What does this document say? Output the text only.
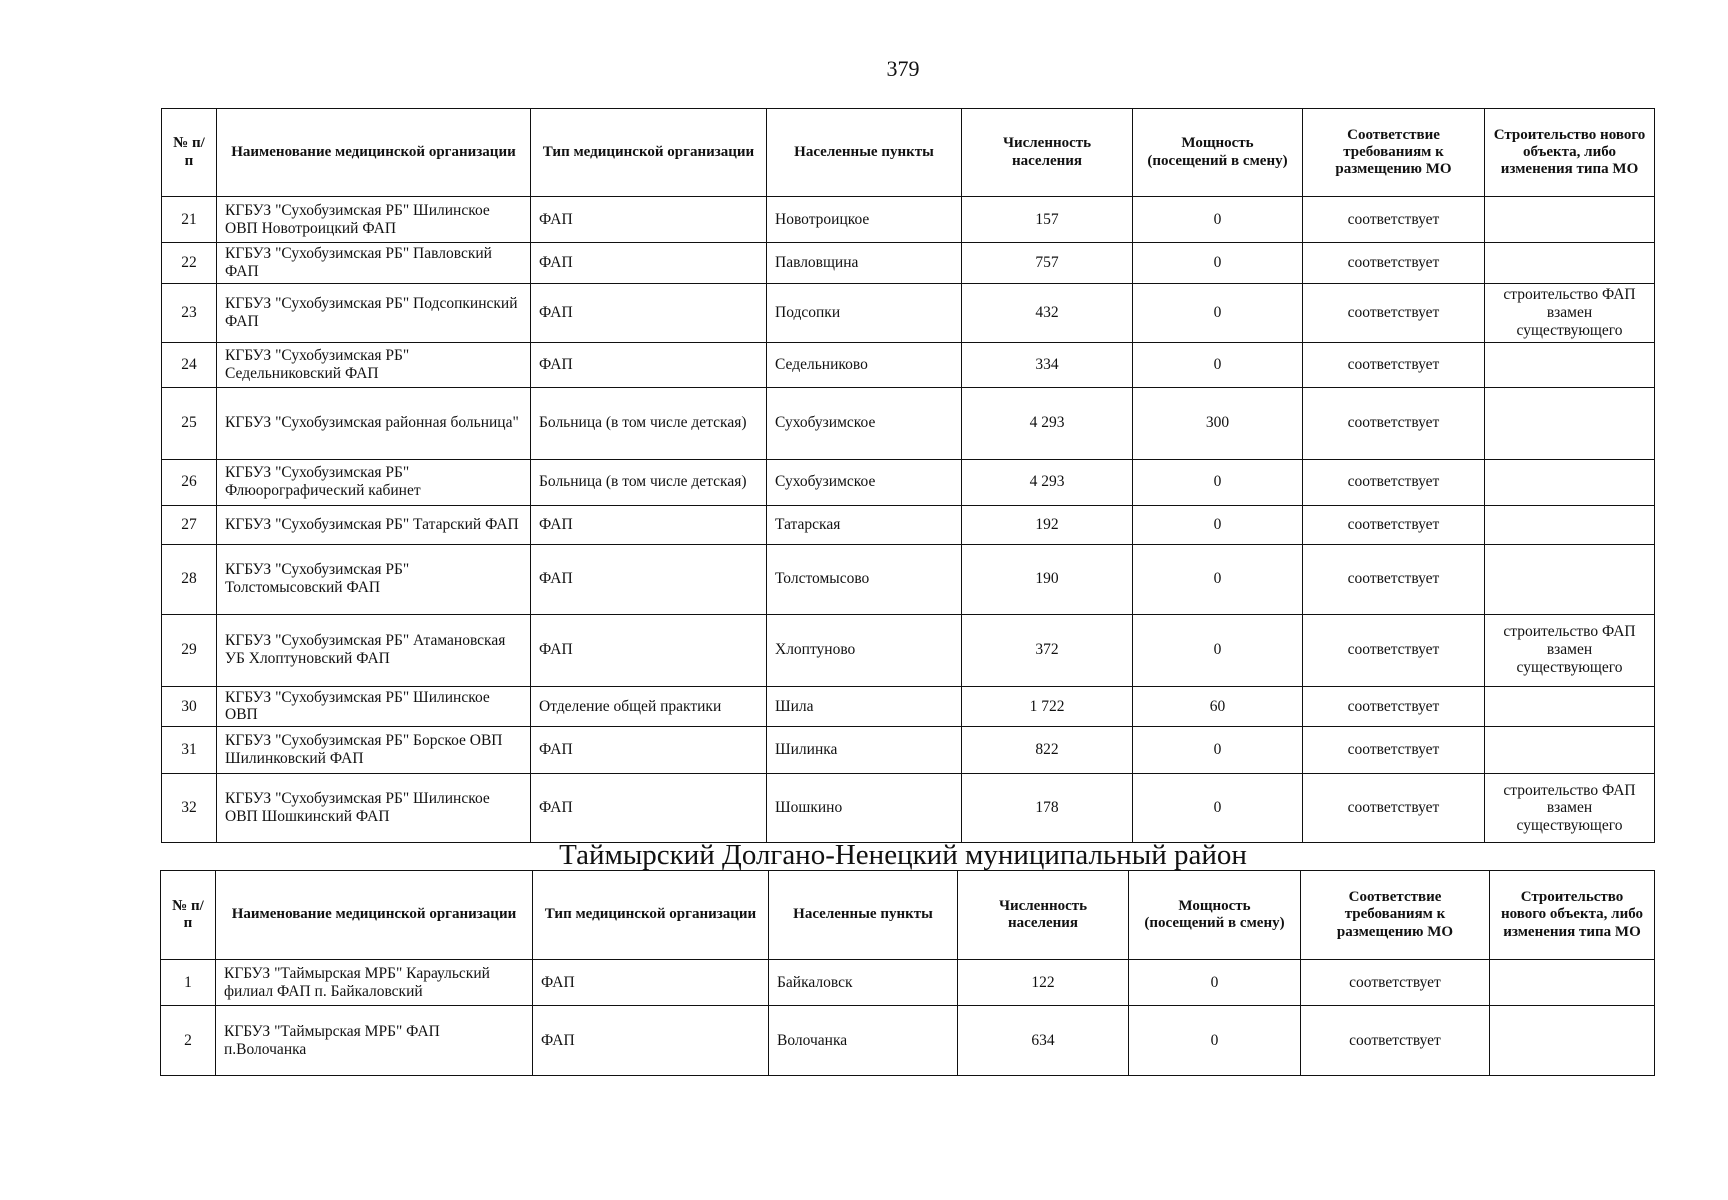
379
№ п/п	Наименование медицинской организации	Тип медицинской организации	Населенные пункты	Численность населения	Мощность (посещений в смену)	Соответствие требованиям к размещению МО	Строительство нового объекта, либо изменения типа МО
21	КГБУЗ "Сухобузимская РБ" Шилинское ОВП Новотроицкий ФАП	ФАП	Новотроицкое	157	0	соответствует	
22	КГБУЗ "Сухобузимская РБ" Павловский ФАП	ФАП	Павловщина	757	0	соответствует	
23	КГБУЗ "Сухобузимская РБ" Подсопкинский ФАП	ФАП	Подсопки	432	0	соответствует	строительство ФАП взамен существующего
24	КГБУЗ "Сухобузимская РБ" Седельниковский ФАП	ФАП	Седельниково	334	0	соответствует	
25	КГБУЗ "Сухобузимская районная больница"	Больница (в том числе детская)	Сухобузимское	4 293	300	соответствует	
26	КГБУЗ "Сухобузимская РБ" Флюорографический кабинет	Больница (в том числе детская)	Сухобузимское	4 293	0	соответствует	
27	КГБУЗ "Сухобузимская РБ" Татарский ФАП	ФАП	Татарская	192	0	соответствует	
28	КГБУЗ "Сухобузимская РБ" Толстомысовский ФАП	ФАП	Толстомысово	190	0	соответствует	
29	КГБУЗ "Сухобузимская РБ" Атамановская УБ Хлоптуновский ФАП	ФАП	Хлоптуново	372	0	соответствует	строительство ФАП взамен существующего
30	КГБУЗ "Сухобузимская РБ" Шилинское ОВП	Отделение общей практики	Шила	1 722	60	соответствует	
31	КГБУЗ "Сухобузимская РБ" Борское ОВП Шилинковский ФАП	ФАП	Шилинка	822	0	соответствует	
32	КГБУЗ "Сухобузимская РБ" Шилинское ОВП Шошкинский ФАП	ФАП	Шошкино	178	0	соответствует	строительство ФАП взамен существующего
Таймырский Долгано-Ненецкий муниципальный район
№ п/п	Наименование медицинской организации	Тип медицинской организации	Населенные пункты	Численность населения	Мощность (посещений в смену)	Соответствие требованиям к размещению МО	Строительство нового объекта, либо изменения типа МО
1	КГБУЗ "Таймырская МРБ" Караульский филиал ФАП п. Байкаловский	ФАП	Байкаловск	122	0	соответствует	
2	КГБУЗ "Таймырская МРБ" ФАП п.Волочанка	ФАП	Волочанка	634	0	соответствует	
